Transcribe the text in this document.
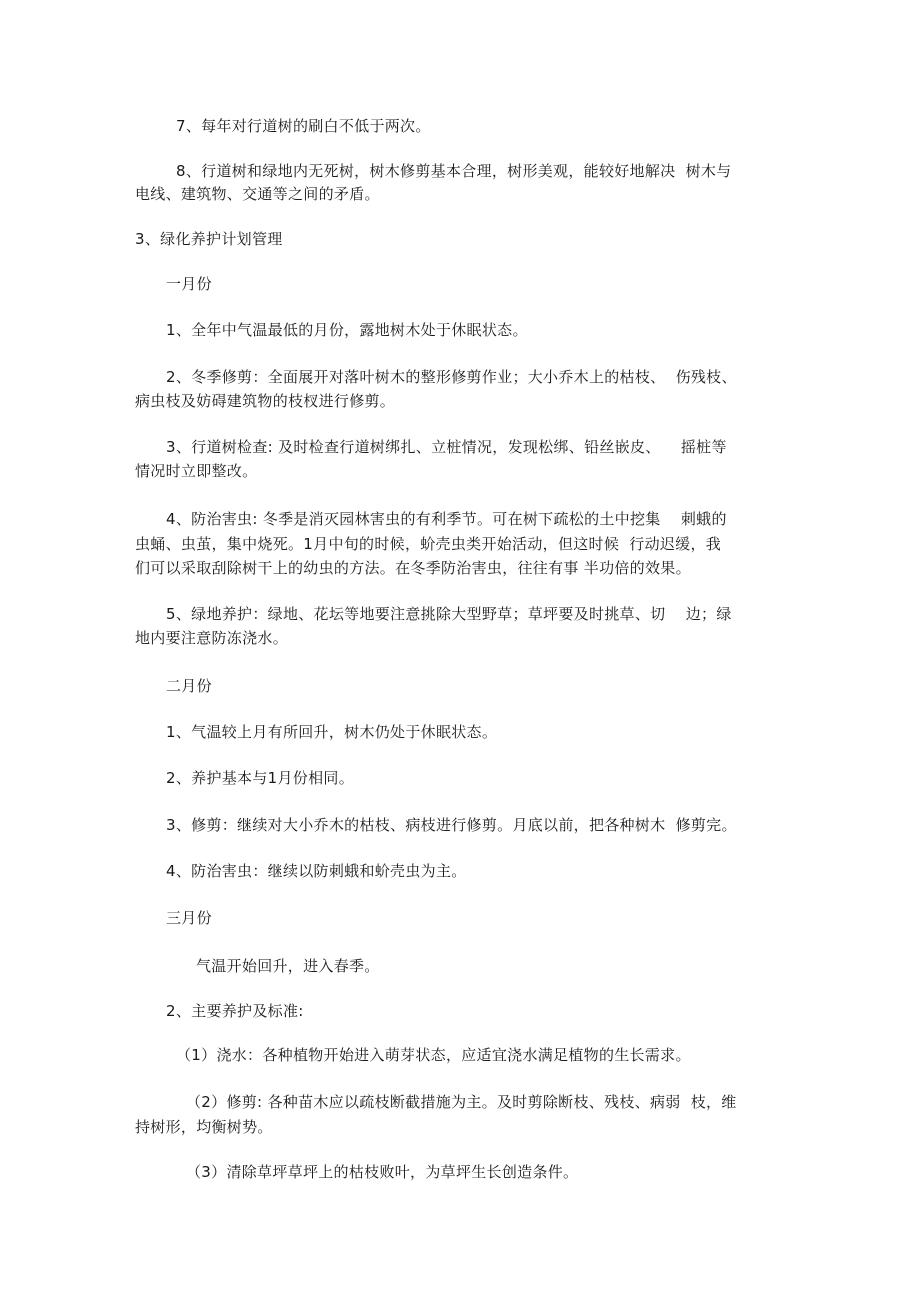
7、每年对行道树的刷白不低于两次。
8、行道树和绿地内无死树，树木修剪基本合理，树形美观，能较好地解决  树木与
电线、建筑物、交通等之间的矛盾。
3、绿化养护计划管理
一月份
1、全年中气温最低的月份，露地树木处于休眠状态。
2、冬季修剪：全面展开对落叶树木的整形修剪作业；大小乔木上的枯枝、  伤残枝、
病虫枝及妨碍建筑物的枝杈进行修剪。
3、行道树检查: 及时检查行道树绑扎、立桩情况，发现松绑、铅丝嵌皮、    摇桩等
情况时立即整改。
4、防治害虫: 冬季是消灭园林害虫的有利季节。可在树下疏松的土中挖集    刺蛾的
虫蛹、虫茧，集中烧死。1月中旬的时候，蚧壳虫类开始活动，但这时候  行动迟缓，我
们可以采取刮除树干上的幼虫的方法。在冬季防治害虫，往往有事 半功倍的效果。
5、绿地养护：绿地、花坛等地要注意挑除大型野草；草坪要及时挑草、切    边；绿
地内要注意防冻浇水。
二月份
1、气温较上月有所回升，树木仍处于休眠状态。
2、养护基本与1月份相同。
3、修剪：继续对大小乔木的枯枝、病枝进行修剪。月底以前，把各种树木  修剪完。
4、防治害虫：继续以防刺蛾和蚧壳虫为主。
三月份
气温开始回升，进入春季。
2、主要养护及标准:
（1）浇水：各种植物开始进入萌芽状态，应适宜浇水满足植物的生长需求。
（2）修剪: 各种苗木应以疏枝断截措施为主。及时剪除断枝、残枝、病弱  枝，维
持树形，均衡树势。
（3）清除草坪草坪上的枯枝败叶，为草坪生长创造条件。
